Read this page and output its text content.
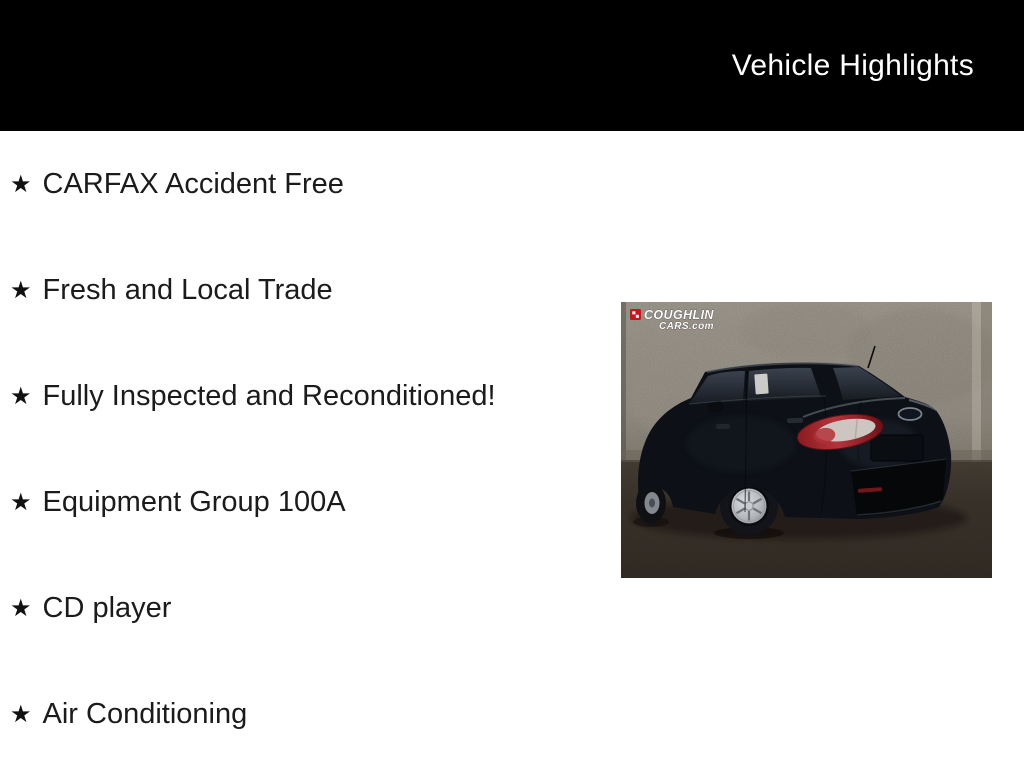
Vehicle Highlights
★ CARFAX Accident Free
★ Fresh and Local Trade
★ Fully Inspected and Reconditioned!
★ Equipment Group 100A
★ CD player
★ Air Conditioning
COUGHLIN
CARS.com
